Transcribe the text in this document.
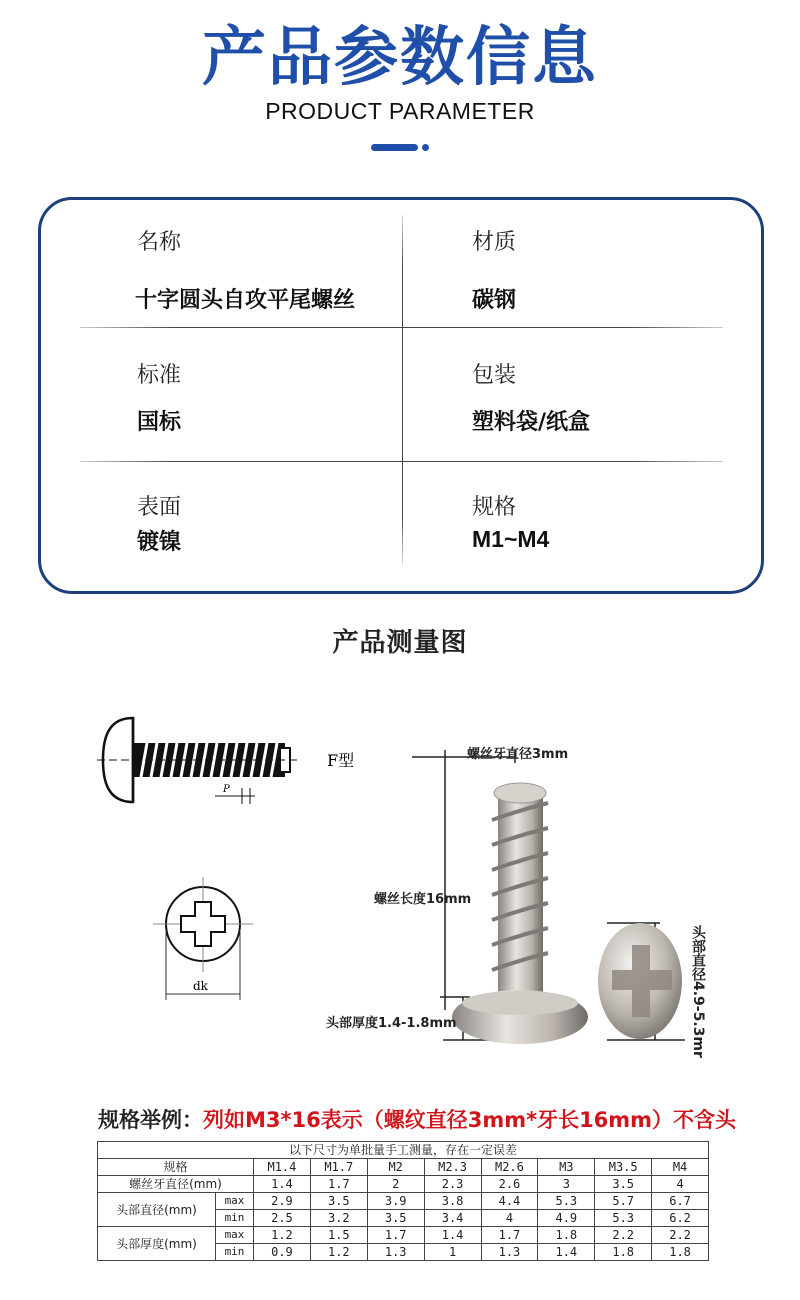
产品参数信息
PRODUCT PARAMETER
名称
十字圆头自攻平尾螺丝
材质
碳钢
标准
国标
包装
塑料袋/纸盒
表面
镀镍
规格
M1~M4
产品测量图
P
F型
dk
螺丝牙直径3mm
螺丝长度16mm
头部厚度1.4-1.8mm	头部直径4.9-5.3mr
规格举例：列如M3*16表示（螺纹直径3mm*牙长16mm）不含头
以下尺寸为单批量手工测量，存在一定误差									
规格		M1.4	M1.7	M2	M2.3	M2.6	M3	M3.5	M4
螺丝牙直径(mm)		1.4	1.7	2	2.3	2.6	3	3.5	4
头部直径(mm)	max	2.9	3.5	3.9	3.8	4.4	5.3	5.7	6.7
	min	2.5	3.2	3.5	3.4	4	4.9	5.3	6.2
头部厚度(mm)	max	1.2	1.5	1.7	1.4	1.7	1.8	2.2	2.2
	min	0.9	1.2	1.3	1	1.3	1.4	1.8	1.8
